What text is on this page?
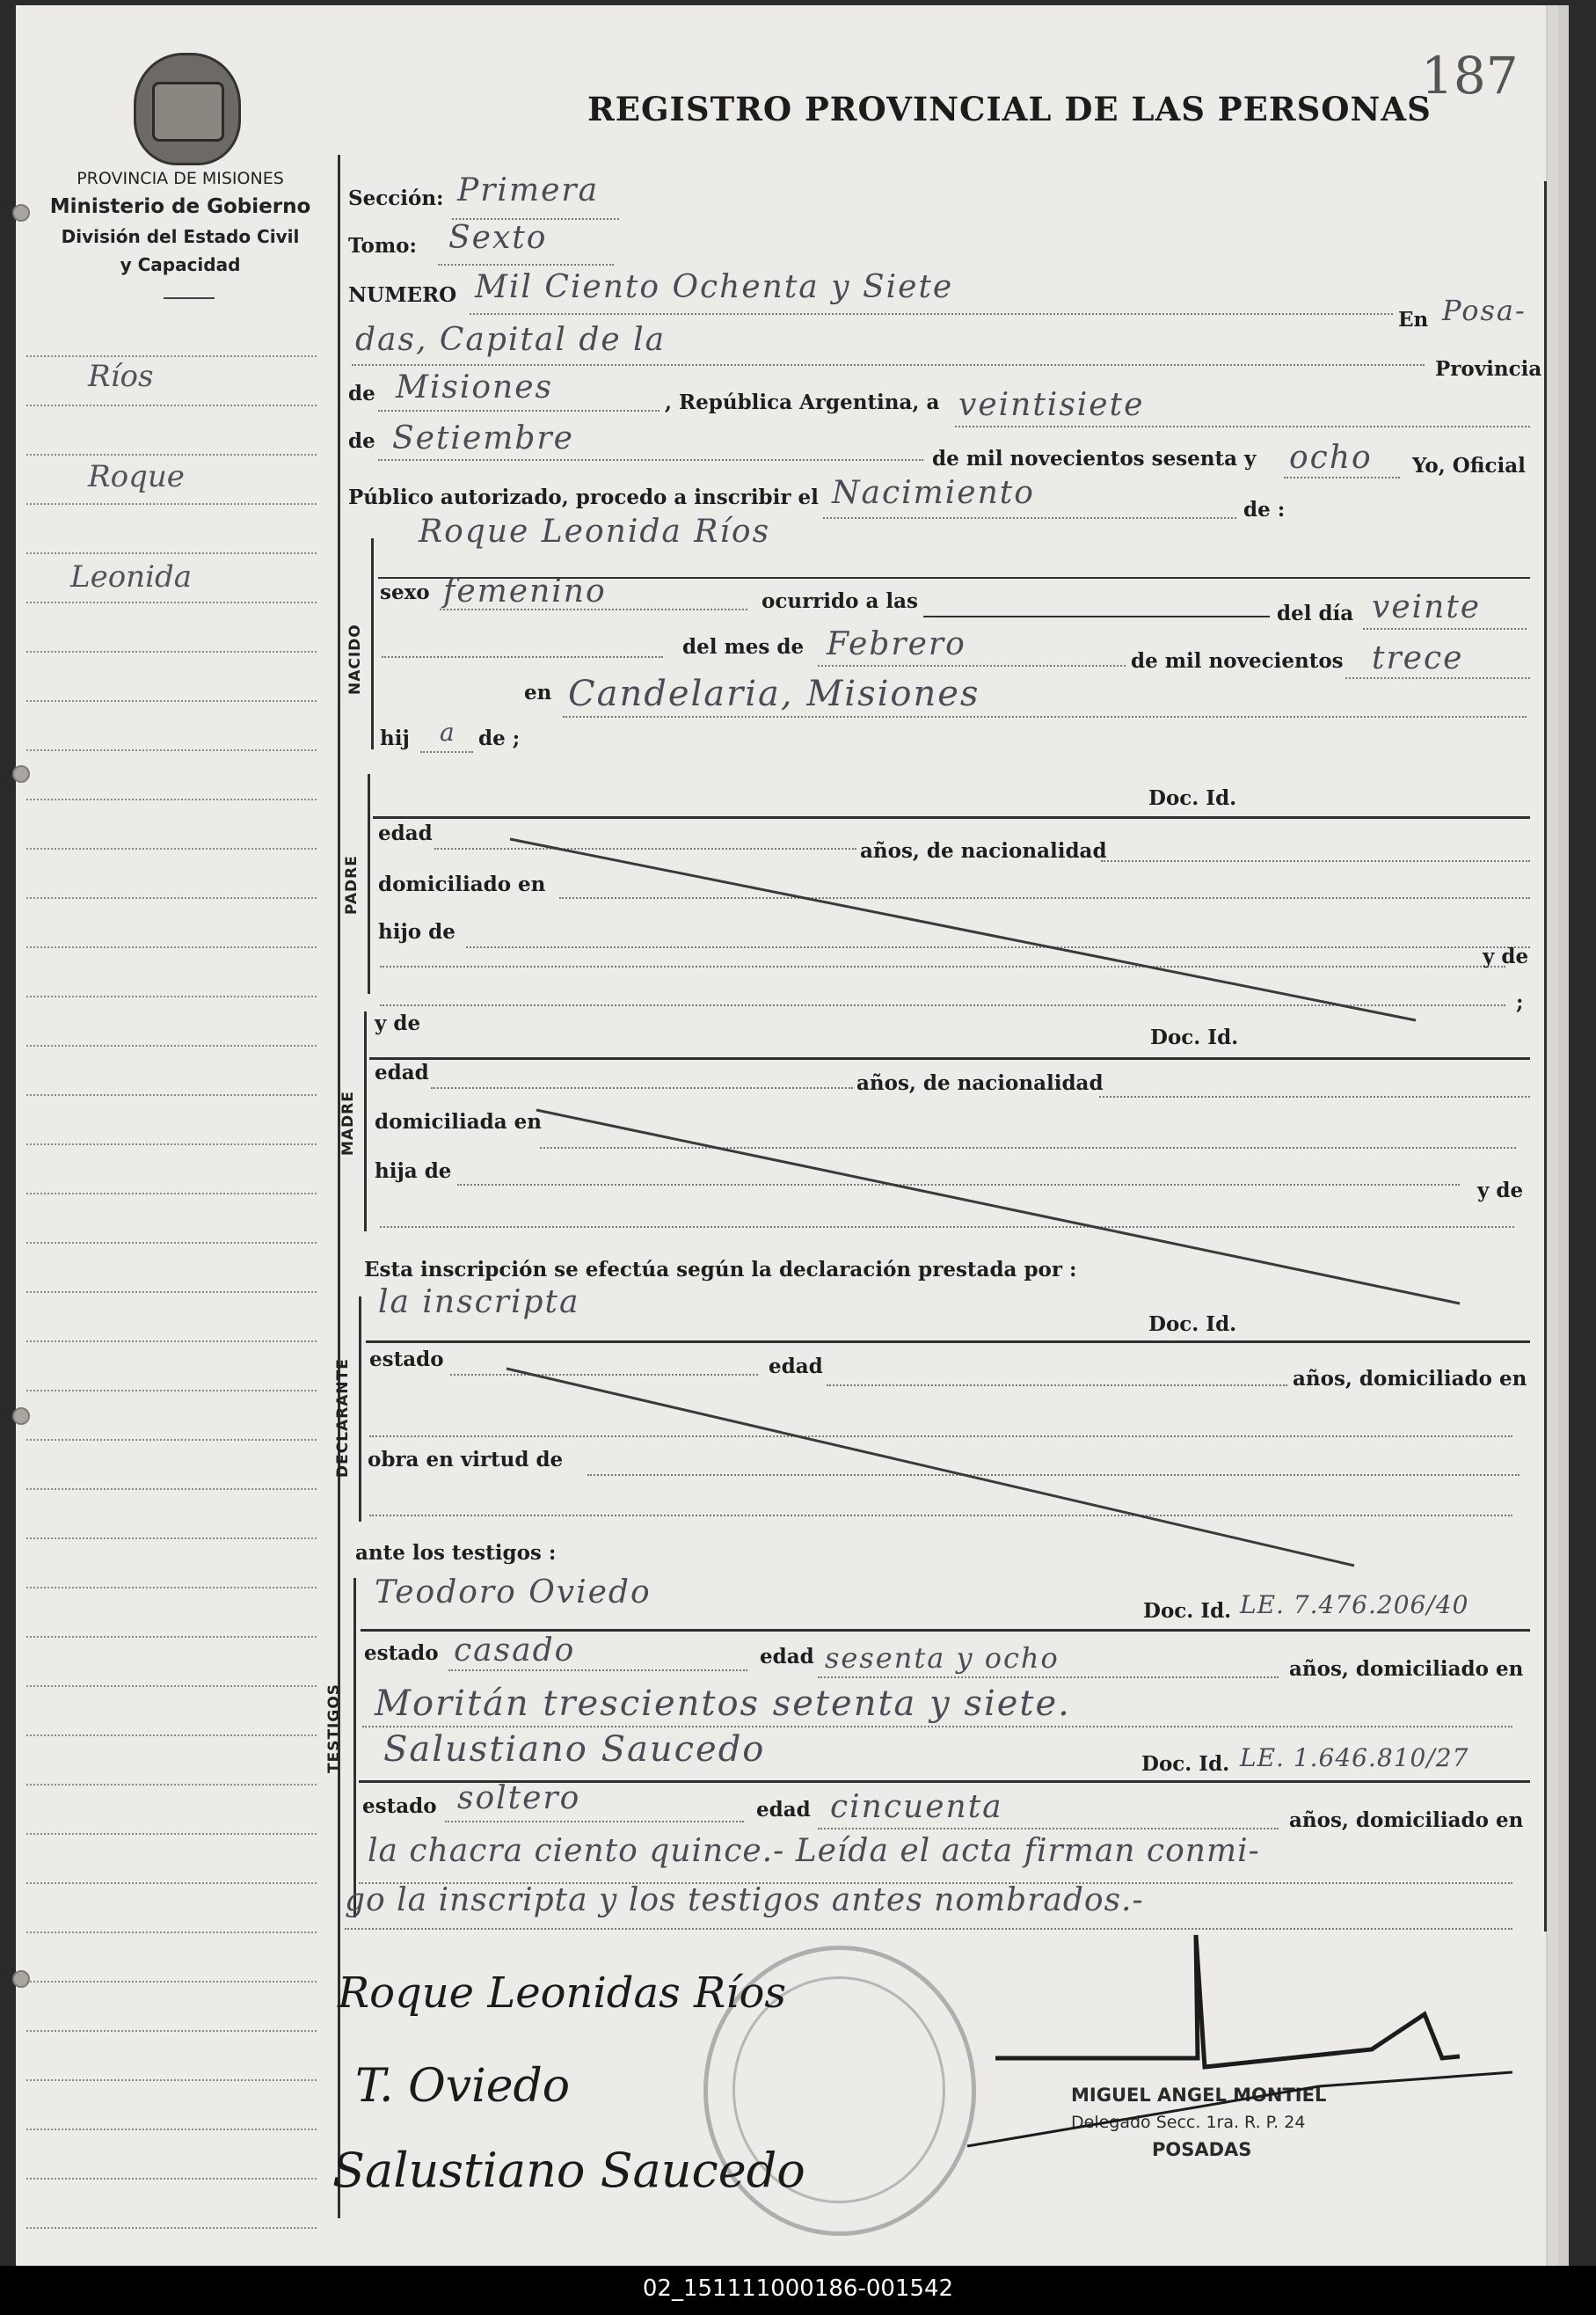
PROVINCIA DE MISIONES
Ministerio de Gobierno
División del Estado Civil
y Capacidad
187
REGISTRO PROVINCIAL DE LAS PERSONAS
Ríos
Roque
Leonida
Sección: Primera
Tomo: Sexto
NUMERO Mil Ciento Ochenta y Siete
En Posa-
das, Capital de la
Provincia
de Misiones	, República Argentina, a veintisiete
de Setiembre
de mil novecientos sesenta y ocho Yo, Oficial
Público autorizado, procedo a inscribir el Nacimiento	de :
NACIDO
Roque Leonida Ríos
sexo femenino	ocurrido a las
del día veinte
del mes de Febrero	de mil novecientos trece
en Candelaria, Misiones
hij a de ;
PADRE
Doc. Id.
edad
años, de nacionalidad
domiciliado en
hijo de
y de
;
MADRE
y de
Doc. Id.
edad	años, de nacionalidad
domiciliada en
hija de
y de
Esta inscripción se efectúa según la declaración prestada por :
DECLARANTE
la inscripta
Doc. Id.
estado	edad
años, domiciliado en
obra en virtud de
ante los testigos :
TESTIGOS
Teodoro Oviedo
Doc. Id. LE. 7.476.206/40
estado casado	edad sesenta y ocho	años, domiciliado en
Moritán trescientos setenta y siete.
Salustiano Saucedo	Doc. Id. LE. 1.646.810/27
estado soltero	edad cincuenta	años, domiciliado en
la chacra ciento quince.- Leída el acta firman conmi-
go la inscripta y los testigos antes nombrados.-
Roque Leonidas Ríos
T. Oviedo
Salustiano Saucedo
MIGUEL ANGEL MONTIEL
Delegado Secc. 1ra. R. P. 24
POSADAS
02_151111000186-001542
